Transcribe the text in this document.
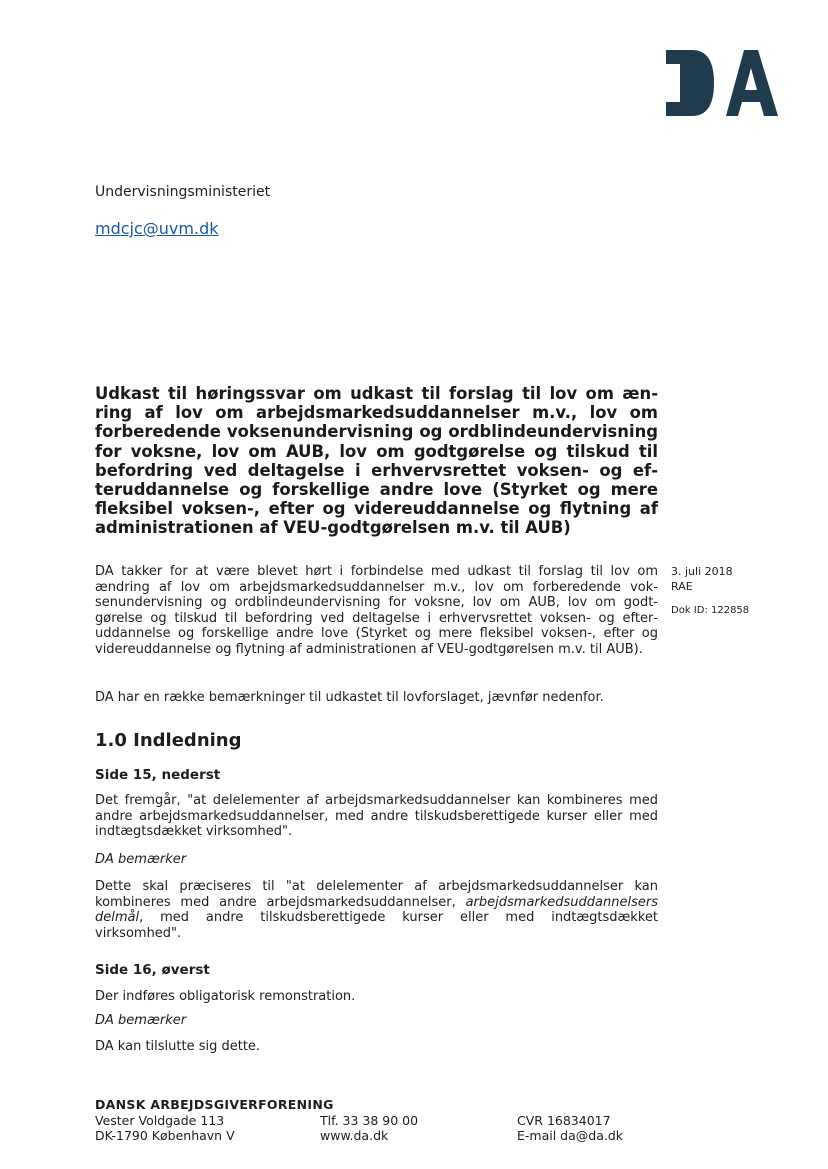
Undervisningsministeriet
mdcjc@uvm.dk
Udkast til høringssvar om udkast til forslag til lov om ænring af lov om arbejdsmarkedsuddannelser m.v., lov om forberedende voksenundervisning og ordblindeundervisning for voksne, lov om AUB, lov om godtgørelse og tilskud til befordring ved deltagelse i erhvervsrettet voksen- og efteruddannelse og forskellige andre love (Styrket og mere fleksibel voksen-, efter og videreuddannelse og flytning af administrationen af VEU-godtgørelsen m.v. til AUB)
3. juli 2018
RAE
Dok ID: 122858
DA takker for at være blevet hørt i forbindelse med udkast til forslag til lov om ændring af lov om arbejdsmarkedsuddannelser m.v., lov om forberedende voksenundervisning og ordblindeundervisning for voksne, lov om AUB, lov om godtgørelse og tilskud til befordring ved deltagelse i erhvervsrettet voksen- og efteruddannelse og forskellige andre love (Styrket og mere fleksibel voksen-, efter og videreuddannelse og flytning af administrationen af VEU-godtgørelsen m.v. til AUB).
DA har en række bemærkninger til udkastet til lovforslaget, jævnfør nedenfor.
1.0 Indledning
Side 15, nederst
Det fremgår, "at delelementer af arbejdsmarkedsuddannelser kan kombineres med andre arbejdsmarkedsuddannelser, med andre tilskudsberettigede kurser eller med indtægtsdækket virksomhed".
DA bemærker
Dette skal præciseres til "at delelementer af arbejdsmarkedsuddannelser kan kombineres med andre arbejdsmarkedsuddannelser, arbejdsmarkedsuddannelsers delmål, med andre tilskudsberettigede kurser eller med indtægtsdækket virksomhed".
Side 16, øverst
Der indføres obligatorisk remonstration.
DA bemærker
DA kan tilslutte sig dette.
DANSK ARBEJDSGIVERFORENING
Vester Voldgade 113
DK-1790 København V
Tlf. 33 38 90 00
www.da.dk
CVR 16834017
E-mail da@da.dk
